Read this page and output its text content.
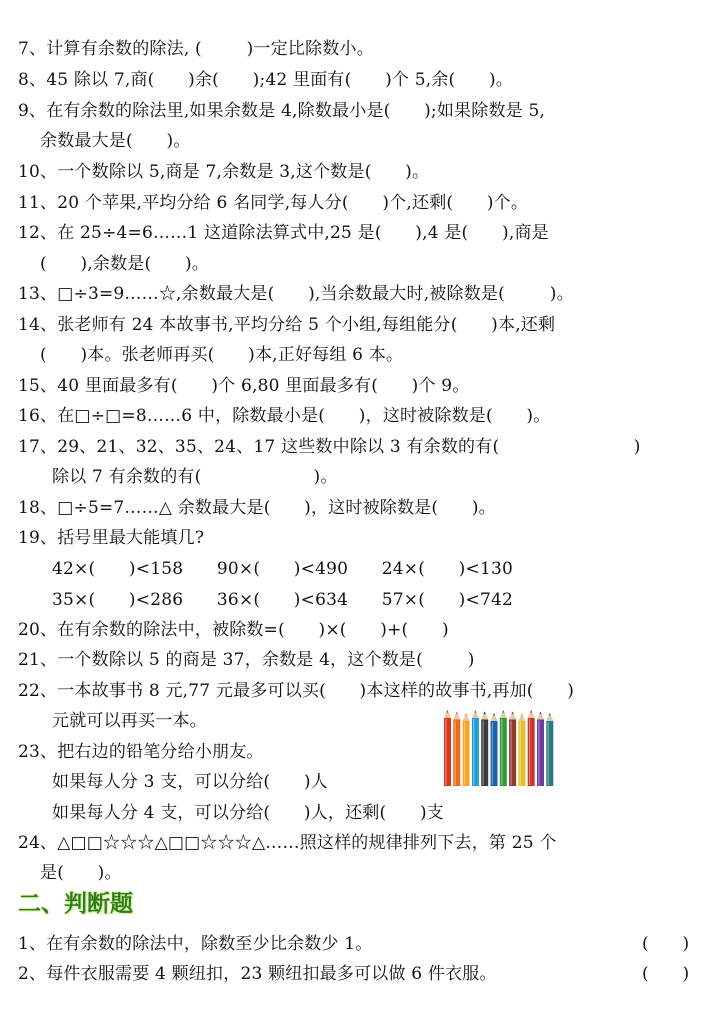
7、计算有余数的除法, (        )一定比除数小。
8、45 除以 7,商(      )余(      );42 里面有(      )个 5,余(      )。
9、在有余数的除法里,如果余数是 4,除数最小是(      );如果除数是 5,
余数最大是(      )。
10、一个数除以 5,商是 7,余数是 3,这个数是(      )。
11、20 个苹果,平均分给 6 名同学,每人分(      )个,还剩(      )个。
12、在 25÷4=6……1 这道除法算式中,25 是(      ),4 是(      ),商是
(      ),余数是(      )。
13、□÷3=9……☆,余数最大是(      ),当余数最大时,被除数是(        )。
14、张老师有 24 本故事书,平均分给 5 个小组,每组能分(      )本,还剩
(      )本。张老师再买(      )本,正好每组 6 本。
15、40 里面最多有(      )个 6,80 里面最多有(      )个 9。
16、在□÷□=8……6 中，除数最小是(      )，这时被除数是(      )。
17、29、21、32、35、24、17 这些数中除以 3 有余数的有(                        )
除以 7 有余数的有(                    )。
18、□÷5=7……△ 余数最大是(      )，这时被除数是(      )。
19、括号里最大能填几?
42×(      )<158      90×(      )<490      24×(      )<130
35×(      )<286      36×(      )<634      57×(      )<742
20、在有余数的除法中，被除数=(      )×(      )+(      )
21、一个数除以 5 的商是 37，余数是 4，这个数是(        )
22、一本故事书 8 元,77 元最多可以买(      )本这样的故事书,再加(      )
元就可以再买一本。
23、把右边的铅笔分给小朋友。
如果每人分 3 支，可以分给(      )人
如果每人分 4 支，可以分给(      )人，还剩(      )支
24、△□□☆☆☆△□□☆☆☆△……照这样的规律排列下去，第 25 个
是(      )。
二、判断题
1、在有余数的除法中，除数至少比余数少 1。	(      )
2、每件衣服需要 4 颗纽扣，23 颗纽扣最多可以做 6 件衣服。	(      )
